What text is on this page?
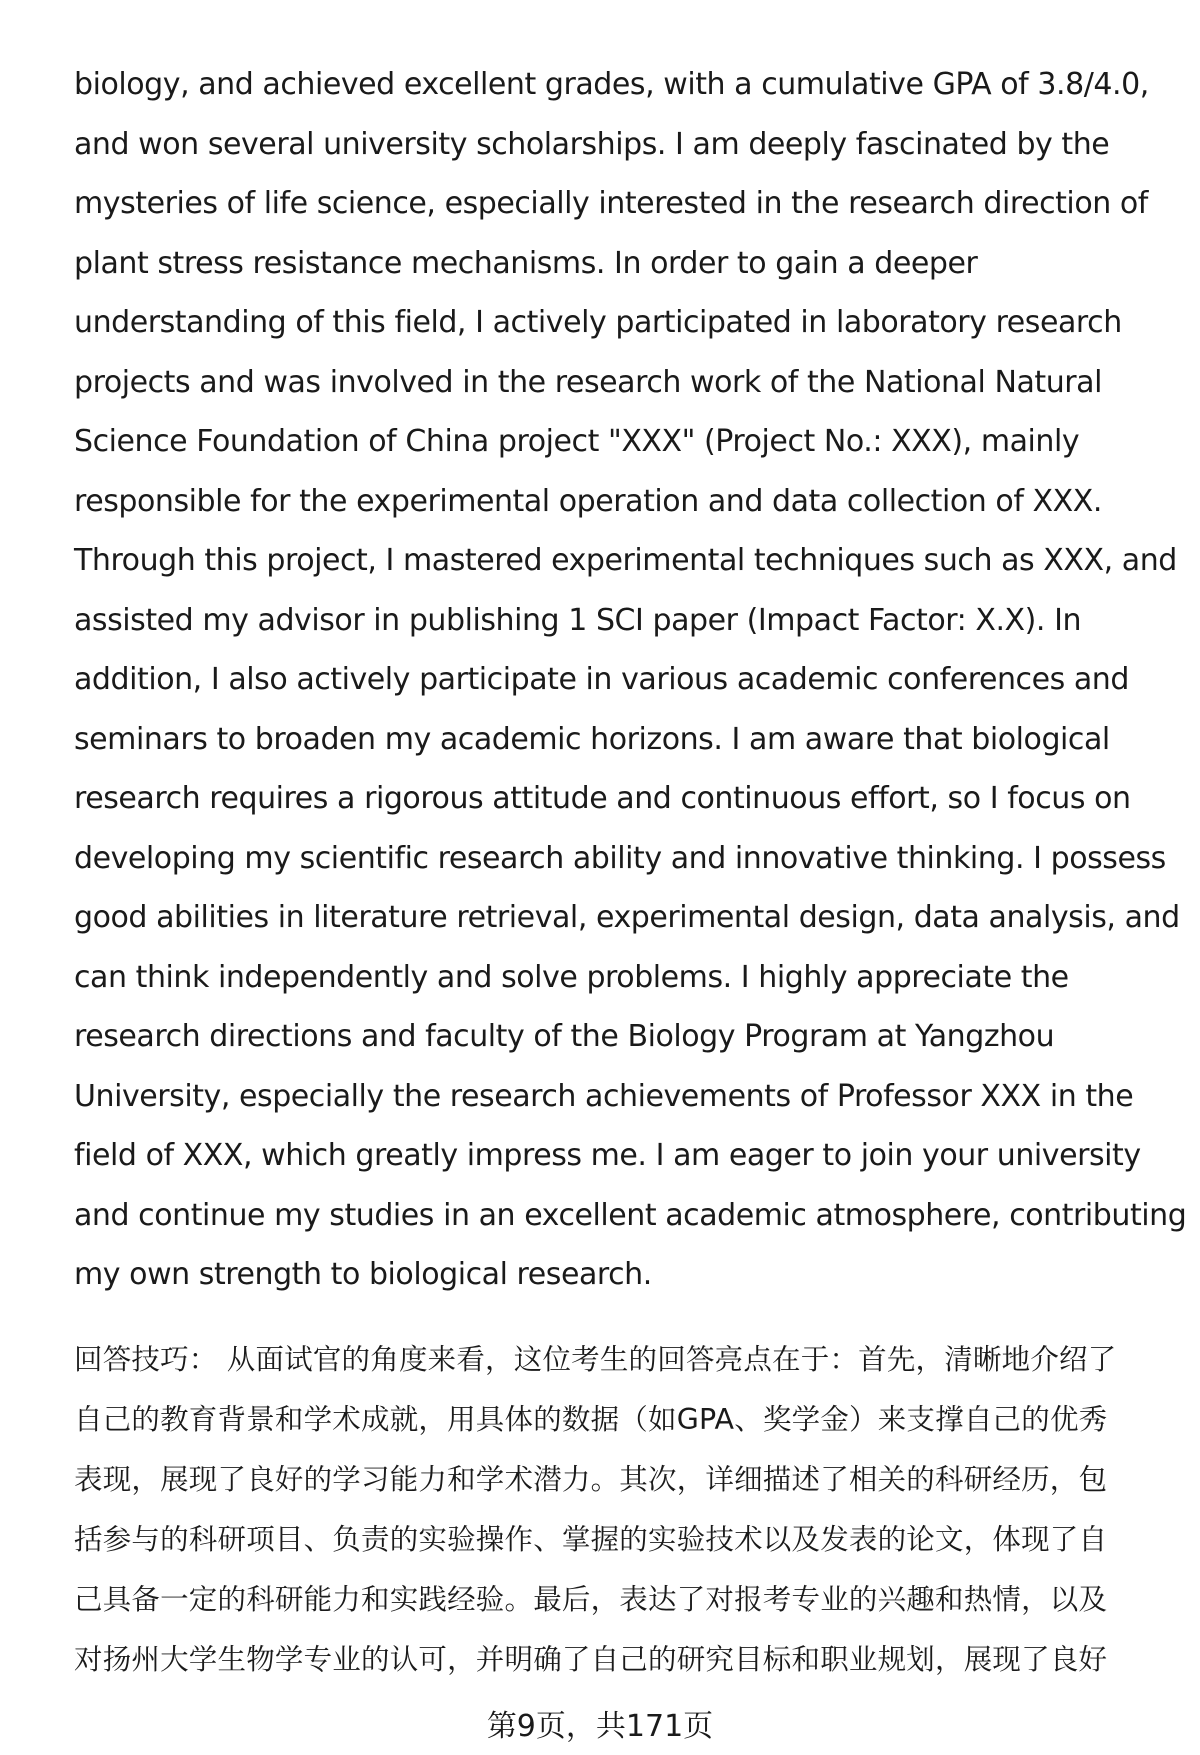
biology, and achieved excellent grades, with a cumulative GPA of 3.8/4.0,
and won several university scholarships. I am deeply fascinated by the
mysteries of life science, especially interested in the research direction of
plant stress resistance mechanisms. In order to gain a deeper
understanding of this field, I actively participated in laboratory research
projects and was involved in the research work of the National Natural
Science Foundation of China project "XXX" (Project No.: XXX), mainly
responsible for the experimental operation and data collection of XXX.
Through this project, I mastered experimental techniques such as XXX, and
assisted my advisor in publishing 1 SCI paper (Impact Factor: X.X). In
addition, I also actively participate in various academic conferences and
seminars to broaden my academic horizons. I am aware that biological
research requires a rigorous attitude and continuous effort, so I focus on
developing my scientific research ability and innovative thinking. I possess
good abilities in literature retrieval, experimental design, data analysis, and
can think independently and solve problems. I highly appreciate the
research directions and faculty of the Biology Program at Yangzhou
University, especially the research achievements of Professor XXX in the
field of XXX, which greatly impress me. I am eager to join your university
and continue my studies in an excellent academic atmosphere, contributing
my own strength to biological research.
回答技巧： 从面试官的角度来看，这位考生的回答亮点在于：首先，清晰地介绍了
自己的教育背景和学术成就，用具体的数据（如GPA、奖学金）来支撑自己的优秀
表现，展现了良好的学习能力和学术潜力。其次，详细描述了相关的科研经历，包
括参与的科研项目、负责的实验操作、掌握的实验技术以及发表的论文，体现了自
己具备一定的科研能力和实践经验。最后，表达了对报考专业的兴趣和热情，以及
对扬州大学生物学专业的认可，并明确了自己的研究目标和职业规划，展现了良好
第9页，共171页
